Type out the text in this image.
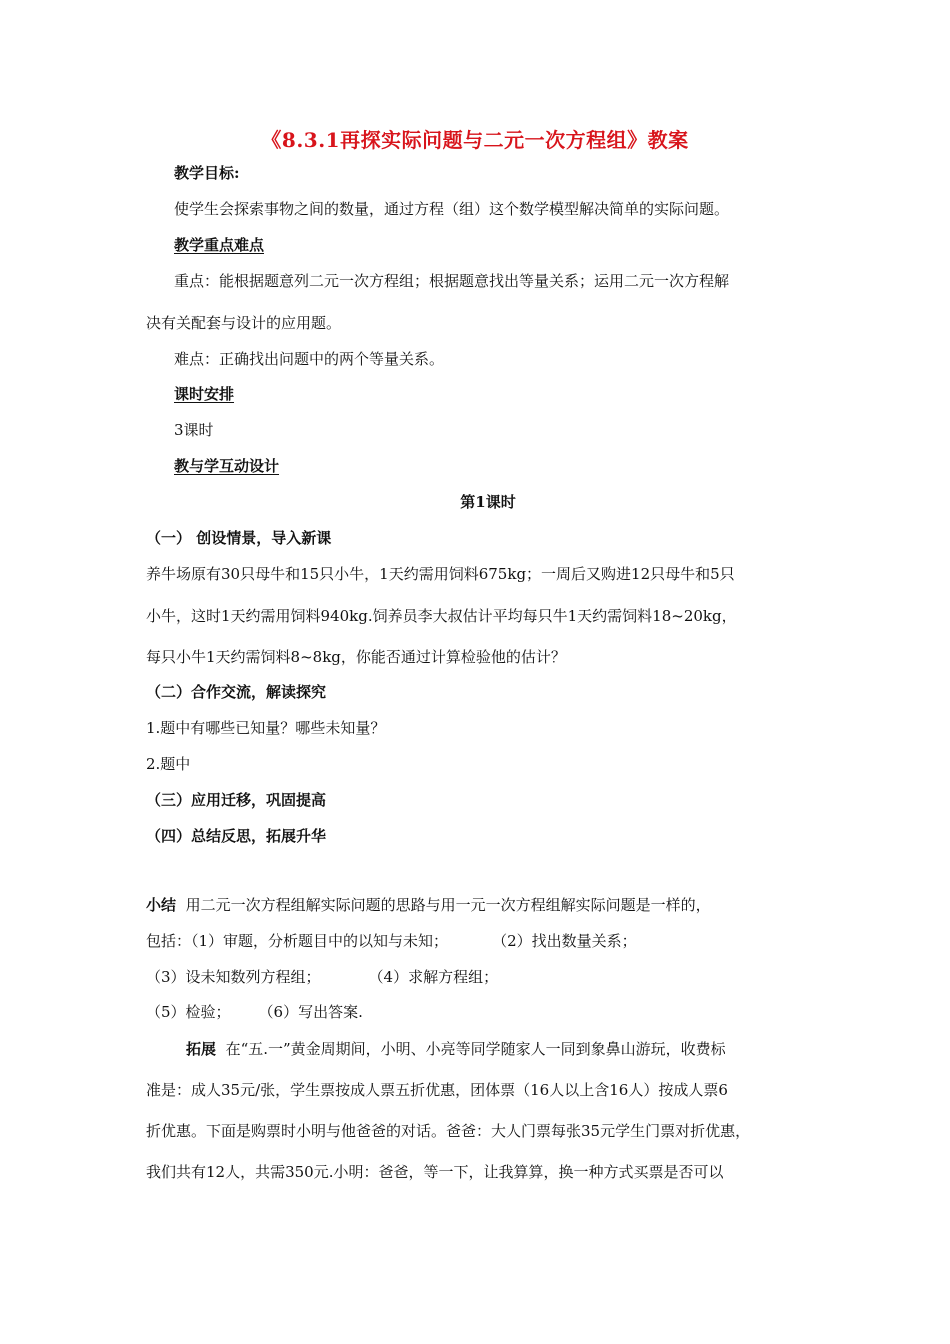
《8.3.1再探实际问题与二元一次方程组》教案
教学目标:
使学生会探索事物之间的数量，通过方程（组）这个数学模型解决简单的实际问题。
教学重点难点
重点：能根据题意列二元一次方程组；根据题意找出等量关系；运用二元一次方程解
决有关配套与设计的应用题。
难点：正确找出问题中的两个等量关系。
课时安排
3课时
教与学互动设计
第1课时
（一） 创设情景，导入新课
养牛场原有30只母牛和15只小牛，1天约需用饲料675kg；一周后又购进12只母牛和5只
小牛，这时1天约需用饲料940kg.饲养员李大叔估计平均每只牛1天约需饲料18~20kg，
每只小牛1天约需饲料8~8kg，你能否通过计算检验他的估计？
（二）合作交流，解读探究
1.题中有哪些已知量？哪些未知量？
2.题中
（三）应用迁移，巩固提高
（四）总结反思，拓展升华
小结 用二元一次方程组解实际问题的思路与用一元一次方程组解实际问题是一样的，
包括：（1）审题，分析题目中的以知与未知；	（2）找出数量关系；
（3）设未知数列方程组；	（4）求解方程组；
（5）检验； （6）写出答案.
拓展 在“五.一”黄金周期间，小明、小亮等同学随家人一同到象鼻山游玩，收费标
准是：成人35元/张，学生票按成人票五折优惠，团体票（16人以上含16人）按成人票6
折优惠。下面是购票时小明与他爸爸的对话。爸爸：大人门票每张35元学生门票对折优惠，
我们共有12人，共需350元.小明：爸爸，等一下，让我算算，换一种方式买票是否可以
